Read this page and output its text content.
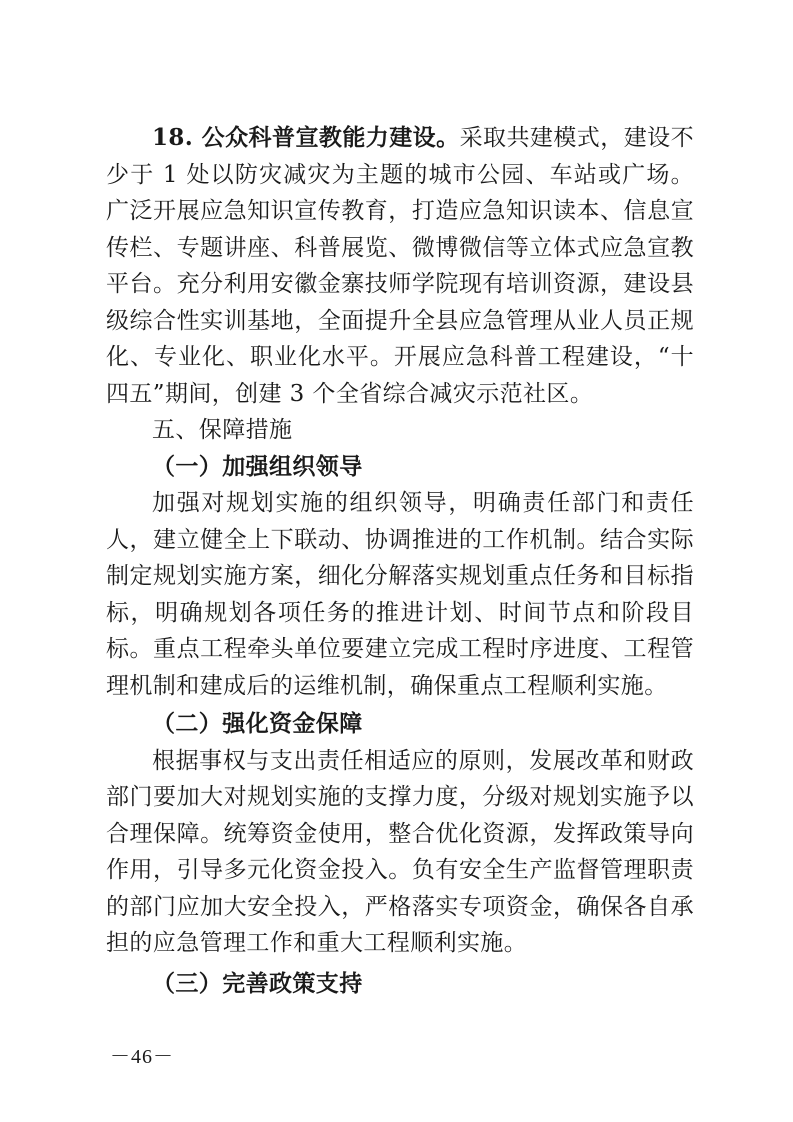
18. 公众科普宣教能力建设。采取共建模式，建设不少于 1 处以防灾减灾为主题的城市公园、车站或广场。广泛开展应急知识宣传教育，打造应急知识读本、信息宣传栏、专题讲座、科普展览、微博微信等立体式应急宣教平台。充分利用安徽金寨技师学院现有培训资源，建设县级综合性实训基地，全面提升全县应急管理从业人员正规化、专业化、职业化水平。开展应急科普工程建设，“十四五”期间，创建 3 个全省综合减灾示范社区。

五、保障措施

（一）加强组织领导

加强对规划实施的组织领导，明确责任部门和责任人，建立健全上下联动、协调推进的工作机制。结合实际制定规划实施方案，细化分解落实规划重点任务和目标指标，明确规划各项任务的推进计划、时间节点和阶段目标。重点工程牵头单位要建立完成工程时序进度、工程管理机制和建成后的运维机制，确保重点工程顺利实施。

（二）强化资金保障

根据事权与支出责任相适应的原则，发展改革和财政部门要加大对规划实施的支撑力度，分级对规划实施予以合理保障。统筹资金使用，整合优化资源，发挥政策导向作用，引导多元化资金投入。负有安全生产监督管理职责的部门应加大安全投入，严格落实专项资金，确保各自承担的应急管理工作和重大工程顺利实施。

（三）完善政策支持

－46－
